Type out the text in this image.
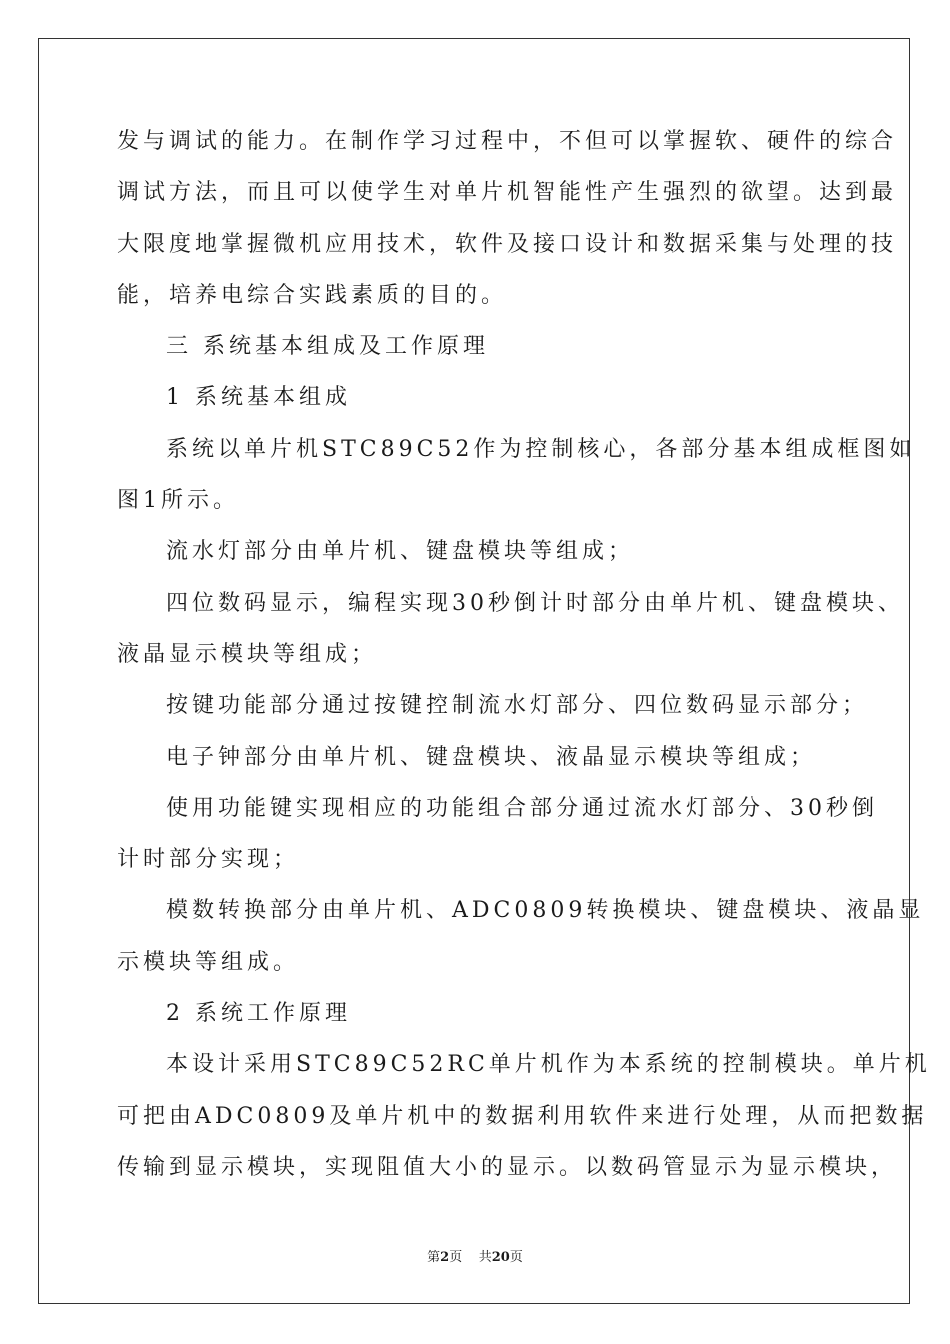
发与调试的能力。在制作学习过程中，不但可以掌握软、硬件的综合
调试方法，而且可以使学生对单片机智能性产生强烈的欲望。达到最
大限度地掌握微机应用技术，软件及接口设计和数据采集与处理的技
能，培养电综合实践素质的目的。
三 系统基本组成及工作原理
1 系统基本组成
系统以单片机STC89C52作为控制核心，各部分基本组成框图如
图1所示。
流水灯部分由单片机、键盘模块等组成；
四位数码显示，编程实现30秒倒计时部分由单片机、键盘模块、
液晶显示模块等组成；
按键功能部分通过按键控制流水灯部分、四位数码显示部分；
电子钟部分由单片机、键盘模块、液晶显示模块等组成；
使用功能键实现相应的功能组合部分通过流水灯部分、30秒倒
计时部分实现；
模数转换部分由单片机、ADC0809转换模块、键盘模块、液晶显
示模块等组成。
2 系统工作原理
本设计采用STC89C52RC单片机作为本系统的控制模块。单片机
可把由ADC0809及单片机中的数据利用软件来进行处理，从而把数据
传输到显示模块，实现阻值大小的显示。以数码管显示为显示模块，
第2页 共20页
